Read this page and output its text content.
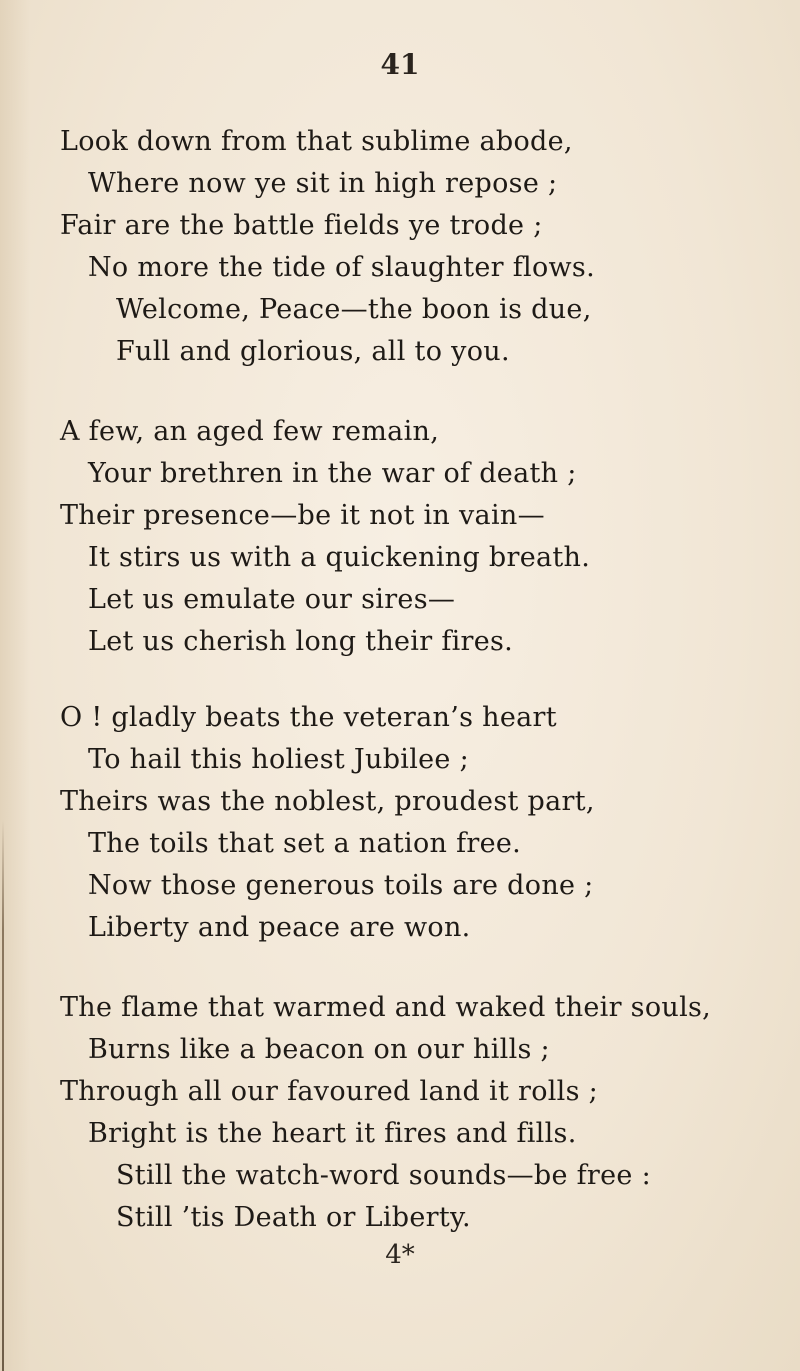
41
Look down from that sublime abode,
Where now ye sit in high repose ;
Fair are the battle fields ye trode ;
No more the tide of slaughter flows.
Welcome, Peace—the boon is due,
Full and glorious, all to you.
A few, an aged few remain,
Your brethren in the war of death ;
Their presence—be it not in vain—
It stirs us with a quickening breath.
Let us emulate our sires—
Let us cherish long their fires.
O ! gladly beats the veteran’s heart
To hail this holiest Jubilee ;
Theirs was the noblest, proudest part,
The toils that set a nation free.
Now those generous toils are done ;
Liberty and peace are won.
The flame that warmed and waked their souls,
Burns like a beacon on our hills ;
Through all our favoured land it rolls ;
Bright is the heart it fires and fills.
Still the watch-word sounds—be free :
Still ’tis Death or Liberty.
4*
